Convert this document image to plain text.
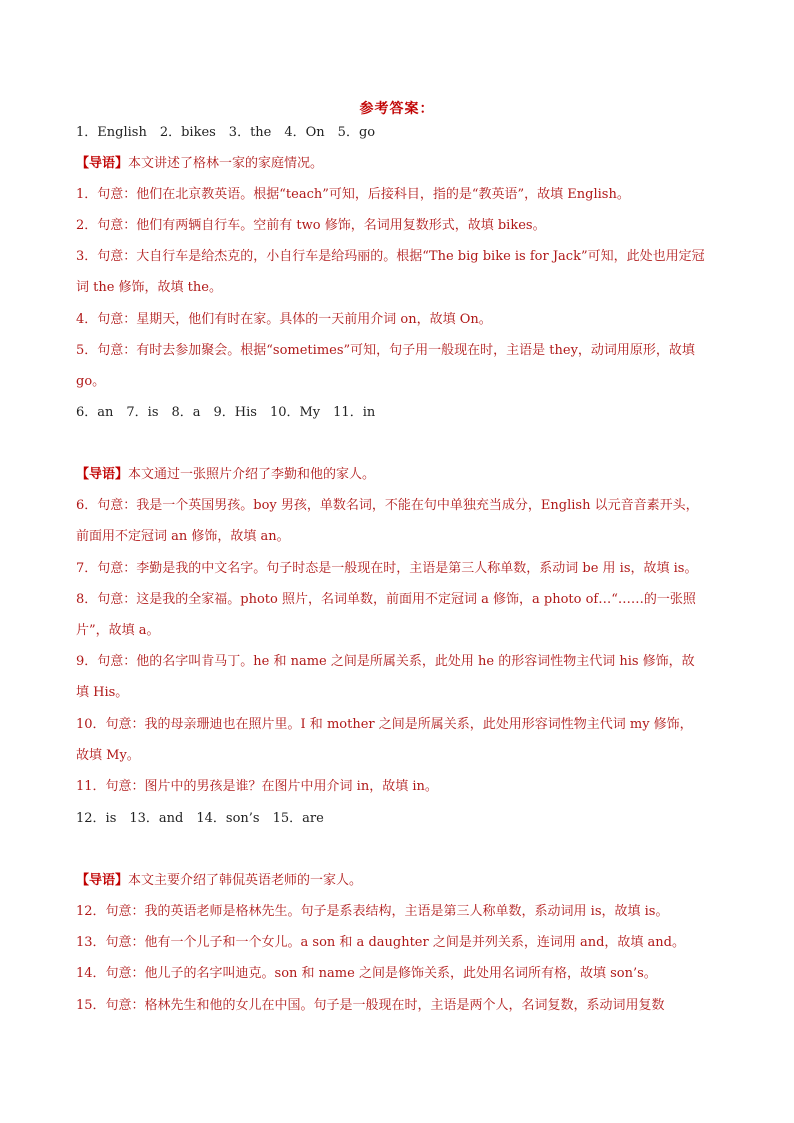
参考答案：
1．English　2．bikes　3．the　4．On　5．go
【导语】本文讲述了格林一家的家庭情况。
1．句意：他们在北京教英语。根据“teach”可知，后接科目，指的是“教英语”，故填 English。
2．句意：他们有两辆自行车。空前有 two 修饰，名词用复数形式，故填 bikes。
3．句意：大自行车是给杰克的，小自行车是给玛丽的。根据“The big bike is for Jack”可知，此处也用定冠
词 the 修饰，故填 the。
4．句意：星期天，他们有时在家。具体的一天前用介词 on，故填 On。
5．句意：有时去参加聚会。根据“sometimes”可知，句子用一般现在时，主语是 they，动词用原形，故填
go。
6．an　7．is　8．a　9．His　10．My　11．in
【导语】本文通过一张照片介绍了李勤和他的家人。
6．句意：我是一个英国男孩。boy 男孩，单数名词，不能在句中单独充当成分，English 以元音音素开头，
前面用不定冠词 an 修饰，故填 an。
7．句意：李勤是我的中文名字。句子时态是一般现在时，主语是第三人称单数，系动词 be 用 is，故填 is。
8．句意：这是我的全家福。photo 照片，名词单数，前面用不定冠词 a 修饰，a photo of…“……的一张照
片”，故填 a。
9．句意：他的名字叫肯马丁。he 和 name 之间是所属关系，此处用 he 的形容词性物主代词 his 修饰，故
填 His。
10．句意：我的母亲珊迪也在照片里。I 和 mother 之间是所属关系，此处用形容词性物主代词 my 修饰，
故填 My。
11．句意：图片中的男孩是谁？在图片中用介词 in，故填 in。
12．is　13．and　14．son’s　15．are
【导语】本文主要介绍了韩侃英语老师的一家人。
12．句意：我的英语老师是格林先生。句子是系表结构，主语是第三人称单数，系动词用 is，故填 is。
13．句意：他有一个儿子和一个女儿。a son 和 a daughter 之间是并列关系，连词用 and，故填 and。
14．句意：他儿子的名字叫迪克。son 和 name 之间是修饰关系，此处用名词所有格，故填 son’s。
15．句意：格林先生和他的女儿在中国。句子是一般现在时，主语是两个人，名词复数，系动词用复数
